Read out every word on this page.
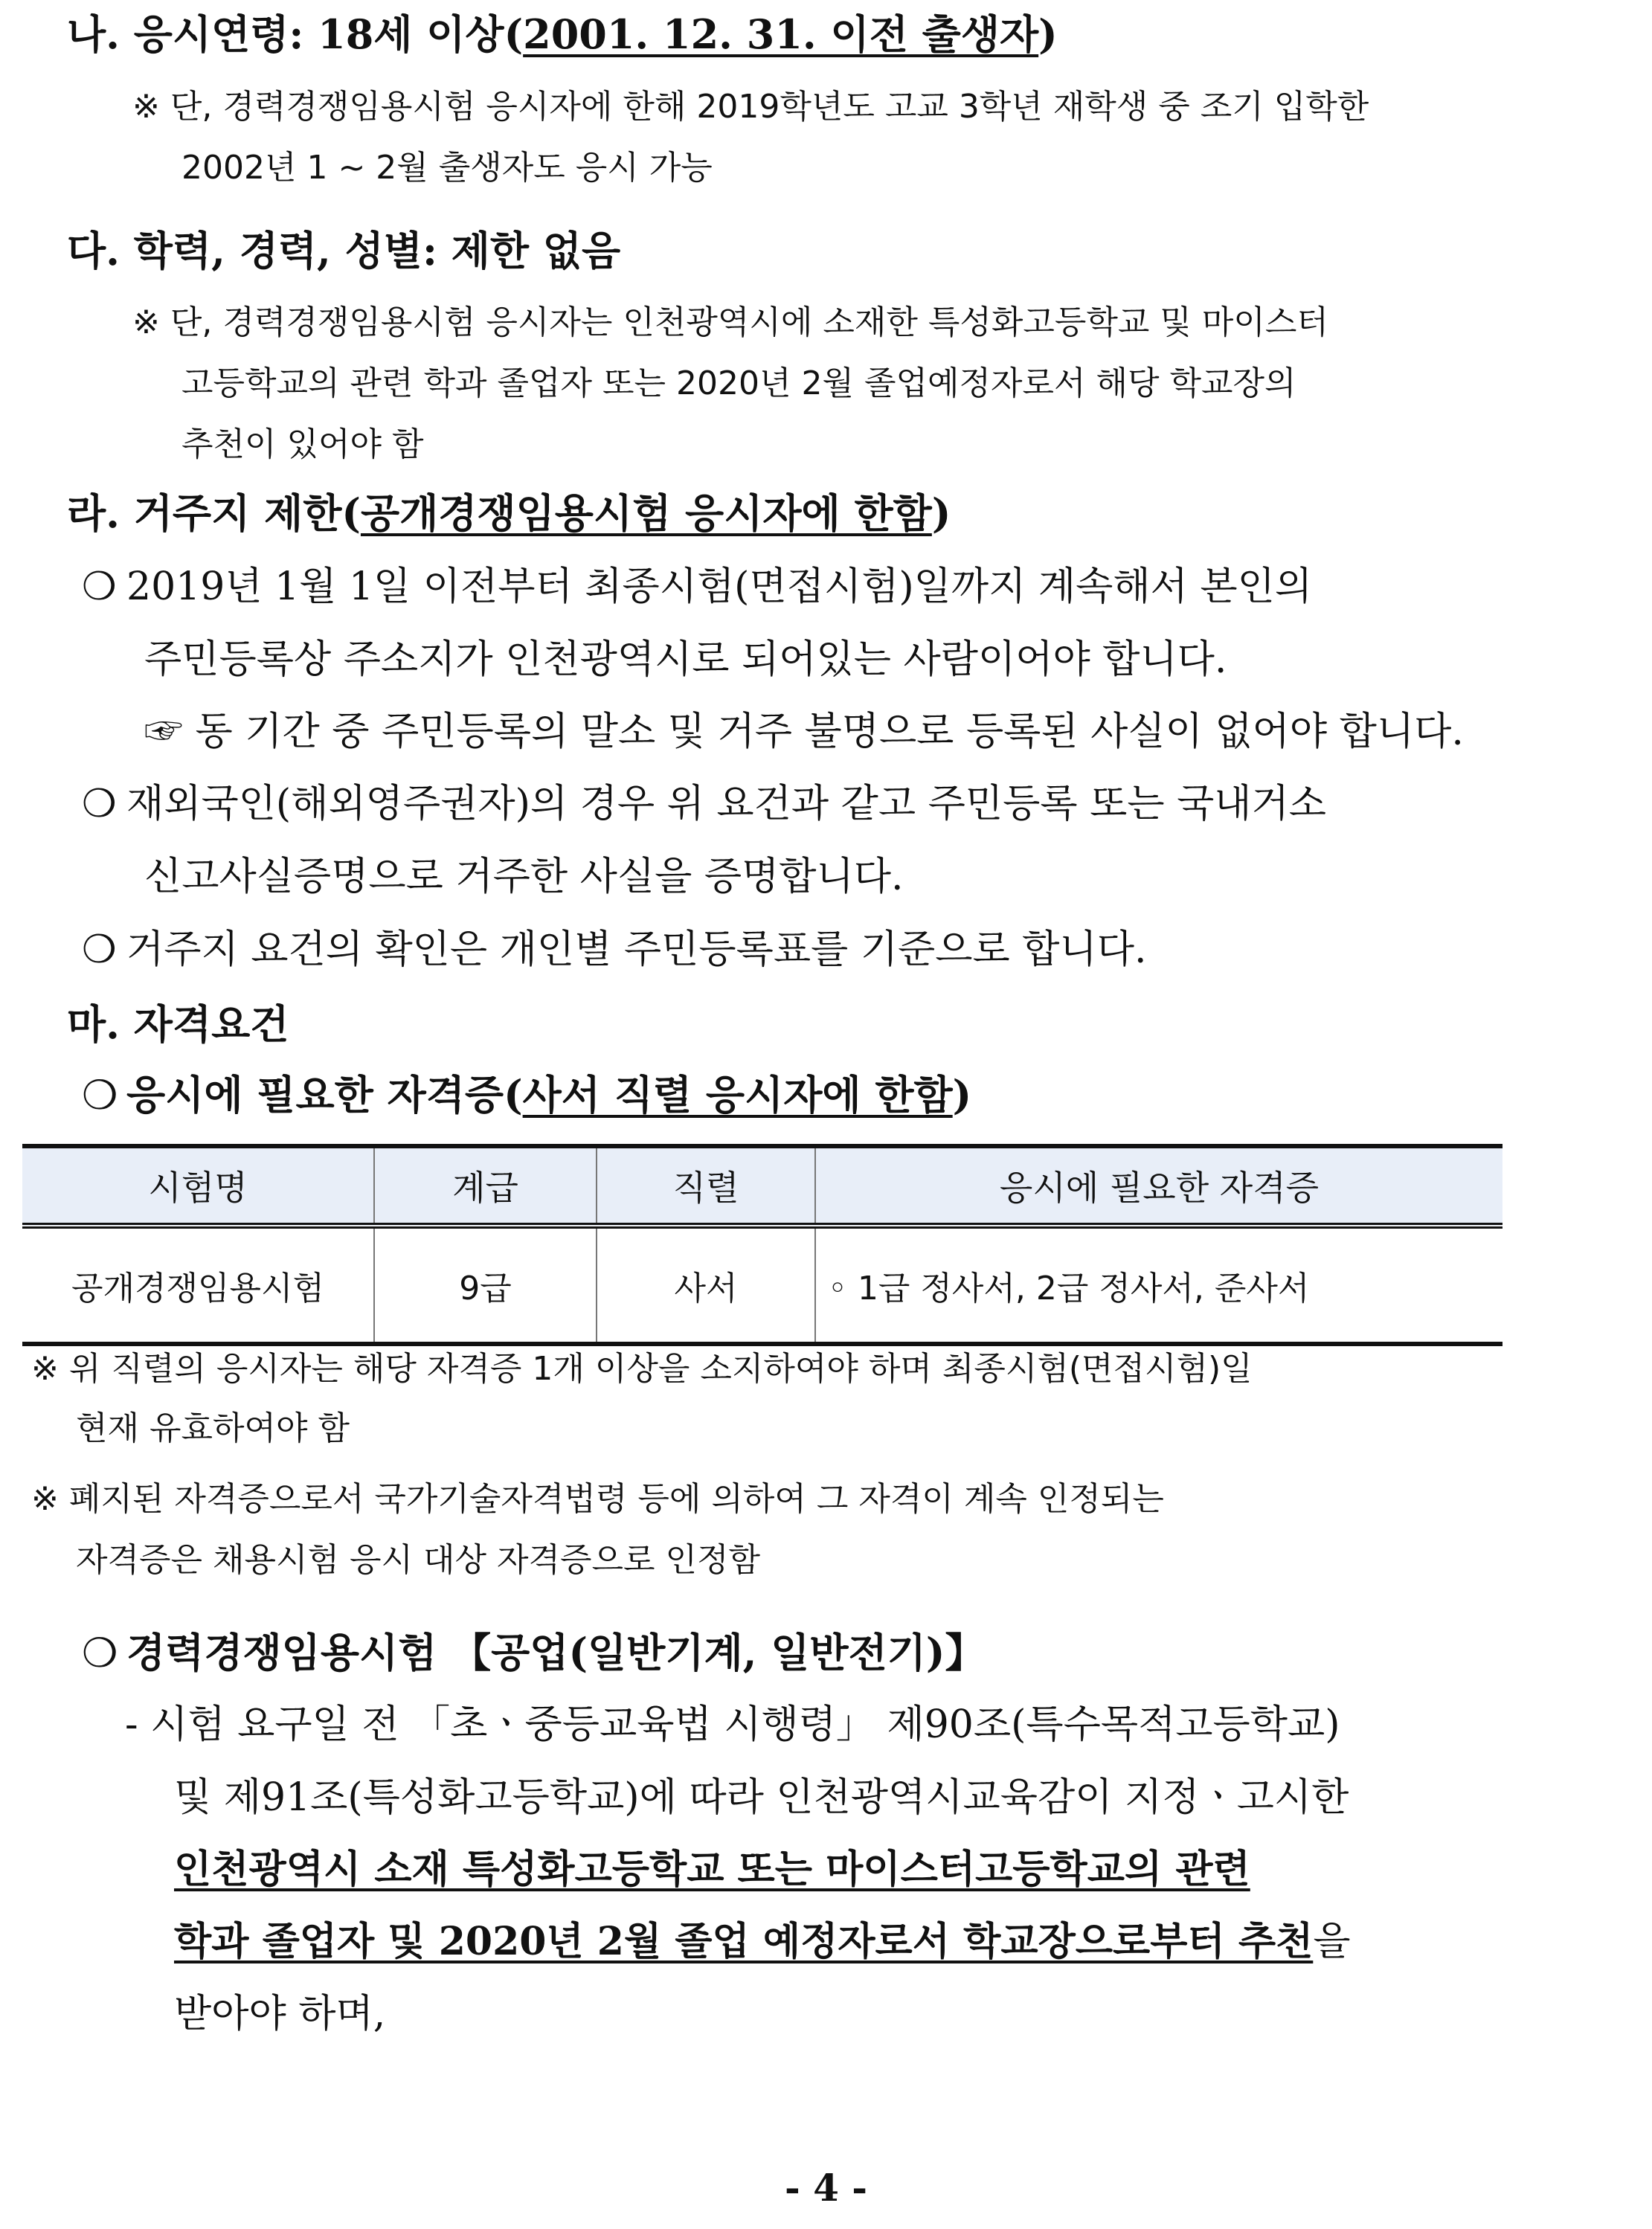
나. 응시연령: 18세 이상(2001. 12. 31. 이전 출생자)
※ 단, 경력경쟁임용시험 응시자에 한해 2019학년도 고교 3학년 재학생 중 조기 입학한
2002년 1 ~ 2월 출생자도 응시 가능
다. 학력, 경력, 성별: 제한 없음
※ 단, 경력경쟁임용시험 응시자는 인천광역시에 소재한 특성화고등학교 및 마이스터
고등학교의 관련 학과 졸업자 또는 2020년 2월 졸업예정자로서 해당 학교장의
추천이 있어야 함
라. 거주지 제한(공개경쟁임용시험 응시자에 한함)
❍ 2019년 1월 1일 이전부터 최종시험(면접시험)일까지 계속해서 본인의
주민등록상 주소지가 인천광역시로 되어있는 사람이어야 합니다.
☞ 동 기간 중 주민등록의 말소 및 거주 불명으로 등록된 사실이 없어야 합니다.
❍ 재외국인(해외영주권자)의 경우 위 요건과 같고 주민등록 또는 국내거소
신고사실증명으로 거주한 사실을 증명합니다.
❍ 거주지 요건의 확인은 개인별 주민등록표를 기준으로 합니다.
마. 자격요건
❍ 응시에 필요한 자격증(사서 직렬 응시자에 한함)
시험명	계급	직렬	응시에 필요한 자격증
공개경쟁임용시험	9급	사서	◦ 1급 정사서, 2급 정사서, 준사서
※ 위 직렬의 응시자는 해당 자격증 1개 이상을 소지하여야 하며 최종시험(면접시험)일
현재 유효하여야 함
※ 폐지된 자격증으로서 국가기술자격법령 등에 의하여 그 자격이 계속 인정되는
자격증은 채용시험 응시 대상 자격증으로 인정함
❍ 경력경쟁임용시험 【공업(일반기계, 일반전기)】
- 시험 요구일 전 「초ㆍ중등교육법 시행령」 제90조(특수목적고등학교)
및 제91조(특성화고등학교)에 따라 인천광역시교육감이 지정ㆍ고시한
인천광역시 소재 특성화고등학교 또는 마이스터고등학교의 관련
학과 졸업자 및 2020년 2월 졸업 예정자로서 학교장으로부터 추천을
받아야 하며,
- 4 -
